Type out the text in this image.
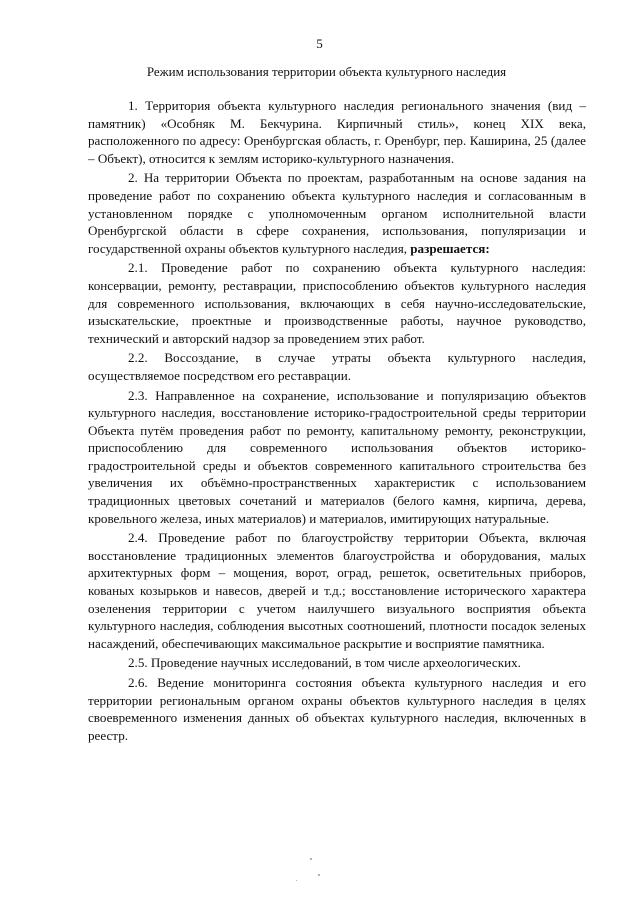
5
Режим использования территории объекта культурного наследия

1. Территория объекта культурного наследия регионального значения (вид – памятник) «Особняк М. Бекчурина. Кирпичный стиль», конец XIX века, расположенного по адресу: Оренбургская область, г. Оренбург, пер. Каширина, 25 (далее – Объект), относится к землям историко-культурного назначения.

2. На территории Объекта по проектам, разработанным на основе задания на проведение работ по сохранению объекта культурного наследия и согласованным в установленном порядке с уполномоченным органом исполнительной власти Оренбургской области в сфере сохранения, использования, популяризации и государственной охраны объектов культурного наследия, разрешается:

2.1. Проведение работ по сохранению объекта культурного наследия: консервации, ремонту, реставрации, приспособлению объектов культурного наследия для современного использования, включающих в себя научно-исследовательские, изыскательские, проектные и производственные работы, научное руководство, технический и авторский надзор за проведением этих работ.

2.2. Воссоздание, в случае утраты объекта культурного наследия, осуществляемое посредством его реставрации.

2.3. Направленное на сохранение, использование и популяризацию объектов культурного наследия, восстановление историко-градостроительной среды территории Объекта путём проведения работ по ремонту, капитальному ремонту, реконструкции, приспособлению для современного использования объектов историко-градостроительной среды и объектов современного капитального строительства без увеличения их объёмно-пространственных характеристик с использованием традиционных цветовых сочетаний и материалов (белого камня, кирпича, дерева, кровельного железа, иных материалов) и материалов, имитирующих натуральные.

2.4. Проведение работ по благоустройству территории Объекта, включая восстановление традиционных элементов благоустройства и оборудования, малых архитектурных форм – мощения, ворот, оград, решеток, осветительных приборов, кованых козырьков и навесов, дверей и т.д.; восстановление исторического характера озеленения территории с учетом наилучшего визуального восприятия объекта культурного наследия, соблюдения высотных соотношений, плотности посадок зеленых насаждений, обеспечивающих максимальное раскрытие и восприятие памятника.

2.5. Проведение научных исследований, в том числе археологических.

2.6. Ведение мониторинга состояния объекта культурного наследия и его территории региональным органом охраны объектов культурного наследия в целях своевременного изменения данных об объектах культурного наследия, включенных в реестр.
